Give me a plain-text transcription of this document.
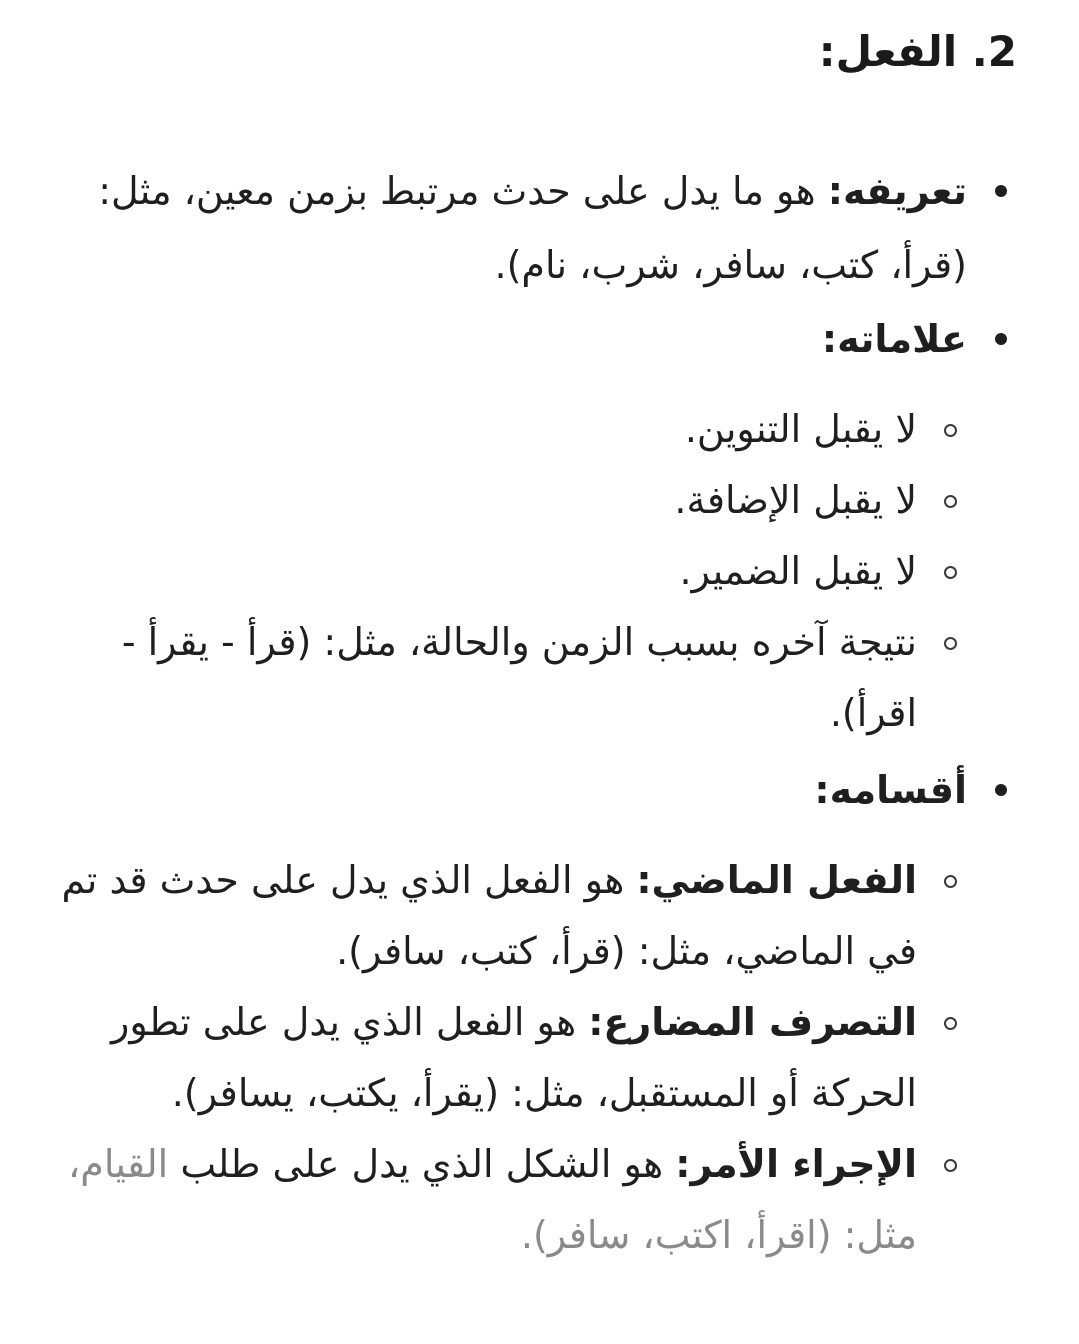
2. الفعل:
تعريفه: هو ما يدل على حدث مرتبط بزمن معين، مثل: (قرأ، كتب، سافر، شرب، نام).
علاماته:
لا يقبل التنوين.
لا يقبل الإضافة.
لا يقبل الضمير.
نتيجة آخره بسبب الزمن والحالة، مثل: (قرأ - يقرأ - اقرأ).
أقسامه:
الفعل الماضي: هو الفعل الذي يدل على حدث قد تم في الماضي، مثل: (قرأ، كتب، سافر).
التصرف المضارع: هو الفعل الذي يدل على تطور الحركة أو المستقبل، مثل: (يقرأ، يكتب، يسافر).
الإجراء الأمر: هو الشكل الذي يدل على طلب القيام، مثل: (اقرأ، اكتب، سافر).
